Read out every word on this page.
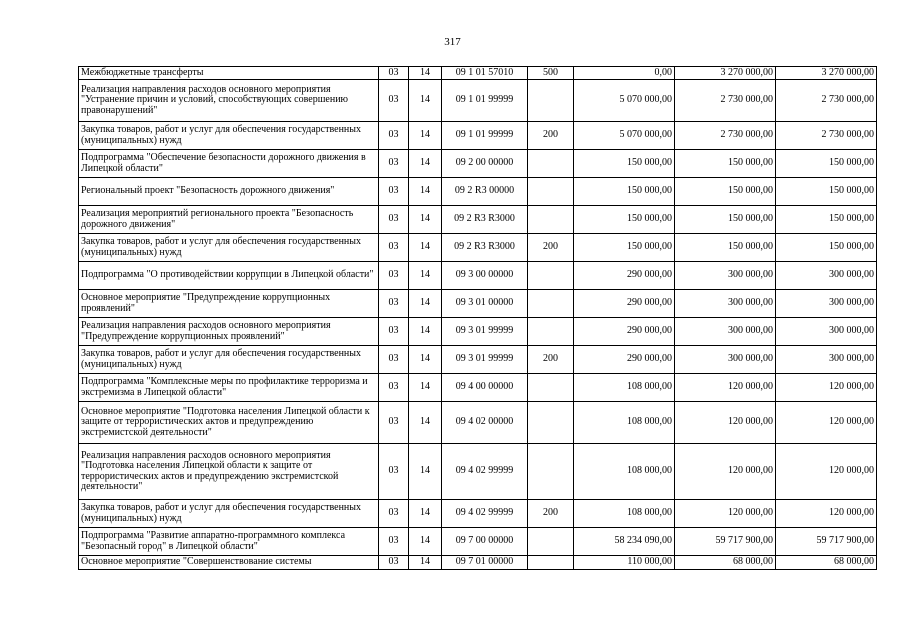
317
Межбюджетные трансферты	03	14	09 1 01 57010	500	0,00	3 270 000,00	3 270 000,00
Реализация направления расходов основного мероприятия "Устранение причин и условий, способствующих совершению правонарушений"	03	14	09 1 01 99999		5 070 000,00	2 730 000,00	2 730 000,00
Закупка товаров, работ и услуг для обеспечения государственных (муниципальных) нужд	03	14	09 1 01 99999	200	5 070 000,00	2 730 000,00	2 730 000,00
Подпрограмма "Обеспечение безопасности дорожного движения в Липецкой области"	03	14	09 2 00 00000		150 000,00	150 000,00	150 000,00
Региональный проект "Безопасность дорожного движения"	03	14	09 2 R3 00000		150 000,00	150 000,00	150 000,00
Реализация мероприятий регионального проекта "Безопасность дорожного движения"	03	14	09 2 R3 R3000		150 000,00	150 000,00	150 000,00
Закупка товаров, работ и услуг для обеспечения государственных (муниципальных) нужд	03	14	09 2 R3 R3000	200	150 000,00	150 000,00	150 000,00
Подпрограмма "О противодействии коррупции в Липецкой области"	03	14	09 3 00 00000		290 000,00	300 000,00	300 000,00
Основное мероприятие "Предупреждение коррупционных проявлений"	03	14	09 3 01 00000		290 000,00	300 000,00	300 000,00
Реализация направления расходов основного мероприятия "Предупреждение коррупционных проявлений"	03	14	09 3 01 99999		290 000,00	300 000,00	300 000,00
Закупка товаров, работ и услуг для обеспечения государственных (муниципальных) нужд	03	14	09 3 01 99999	200	290 000,00	300 000,00	300 000,00
Подпрограмма "Комплексные меры по профилактике терроризма и экстремизма в Липецкой области"	03	14	09 4 00 00000		108 000,00	120 000,00	120 000,00
Основное мероприятие "Подготовка населения Липецкой области к защите от террористических актов и предупреждению экстремистской деятельности"	03	14	09 4 02 00000		108 000,00	120 000,00	120 000,00
Реализация направления расходов основного мероприятия "Подготовка населения Липецкой области к защите от террористических актов и предупреждению экстремистской деятельности"	03	14	09 4 02 99999		108 000,00	120 000,00	120 000,00
Закупка товаров, работ и услуг для обеспечения государственных (муниципальных) нужд	03	14	09 4 02 99999	200	108 000,00	120 000,00	120 000,00
Подпрограмма "Развитие аппаратно-программного комплекса "Безопасный город" в Липецкой области"	03	14	09 7 00 00000		58 234 090,00	59 717 900,00	59 717 900,00
Основное мероприятие "Совершенствование системы	03	14	09 7 01 00000		110 000,00	68 000,00	68 000,00
